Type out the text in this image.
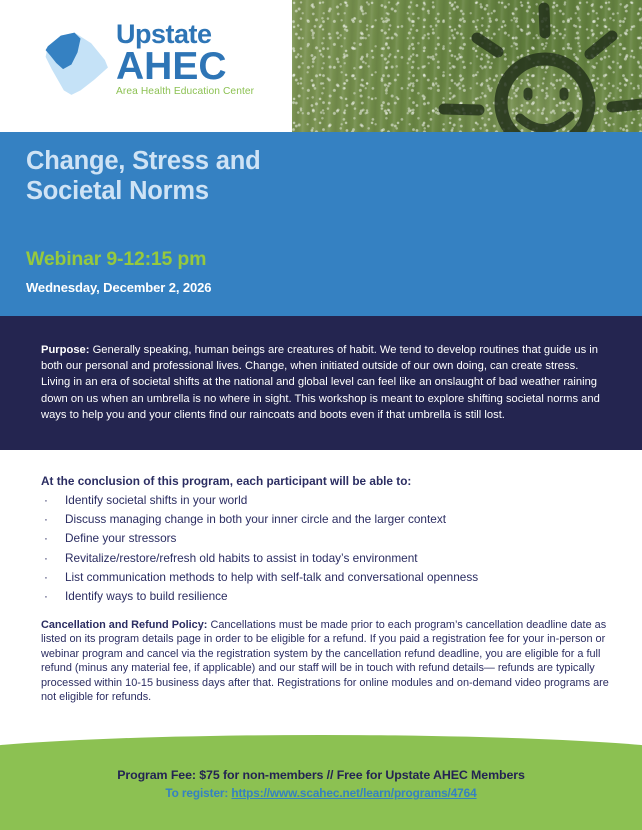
Upstate
AHEC
Area Health Education Center
Change, Stress and Societal Norms
Webinar 9-12:15 pm
Wednesday, December 2, 2026
Purpose: Generally speaking, human beings are creatures of habit. We tend to develop routines that guide us in both our personal and professional lives. Change, when initiated outside of our own doing, can create stress. Living in an era of societal shifts at the national and global level can feel like an onslaught of bad weather raining down on us when an umbrella is no where in sight. This workshop is meant to explore shifting societal norms and ways to help you and your clients find our raincoats and boots even if that umbrella is still lost.
At the conclusion of this program, each participant will be able to:
· Identify societal shifts in your world
· Discuss managing change in both your inner circle and the larger context
· Define your stressors
· Revitalize/restore/refresh old habits to assist in today’s environment
· List communication methods to help with self-talk and conversational openness
· Identify ways to build resilience
Cancellation and Refund Policy: Cancellations must be made prior to each program’s cancellation deadline date as listed on its program details page in order to be eligible for a refund. If you paid a registration fee for your in-person or webinar program and cancel via the registration system by the cancellation refund deadline, you are eligible for a full refund (minus any material fee, if applicable) and our staff will be in touch with refund details— refunds are typically processed within 10-15 business days after that. Registrations for online modules and on-demand video programs are not eligible for refunds.
Program Fee: $75 for non-members // Free for Upstate AHEC Members
To register: https://www.scahec.net/learn/programs/4764
